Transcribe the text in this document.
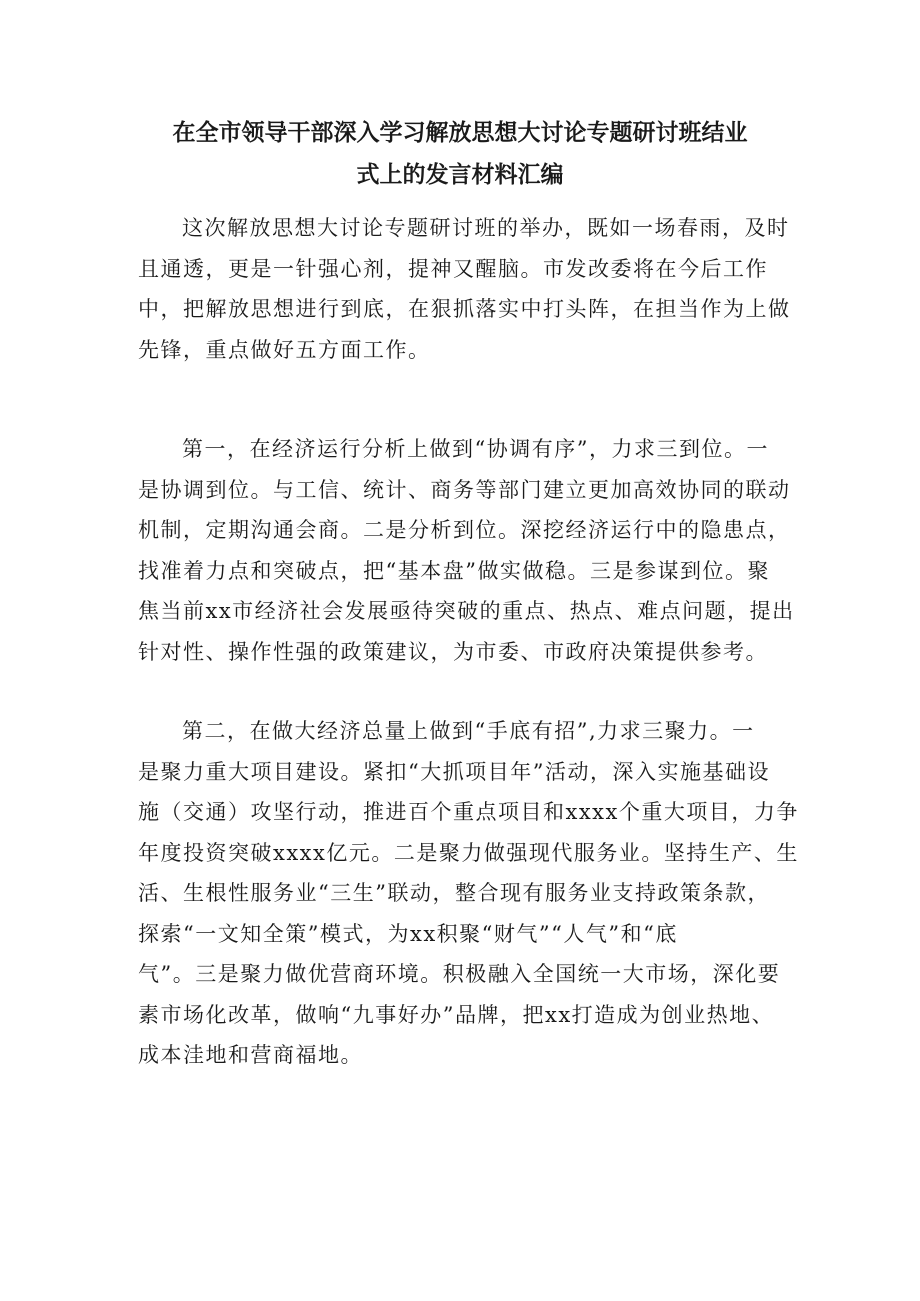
在全市领导干部深入学习解放思想大讨论专题研讨班结业
式上的发言材料汇编
这次解放思想大讨论专题研讨班的举办，既如一场春雨，及时
且通透，更是一针强心剂，提神又醒脑。市发改委将在今后工作
中，把解放思想进行到底，在狠抓落实中打头阵，在担当作为上做
先锋，重点做好五方面工作。
第一，在经济运行分析上做到“协调有序”，力求三到位。一
是协调到位。与工信、统计、商务等部门建立更加高效协同的联动
机制，定期沟通会商。二是分析到位。深挖经济运行中的隐患点，
找准着力点和突破点，把“基本盘”做实做稳。三是参谋到位。聚
焦当前xx市经济社会发展亟待突破的重点、热点、难点问题，提出
针对性、操作性强的政策建议，为市委、市政府决策提供参考。
第二，在做大经济总量上做到“手底有招”,力求三聚力。一
是聚力重大项目建设。紧扣“大抓项目年”活动，深入实施基础设
施（交通）攻坚行动，推进百个重点项目和xxxx个重大项目，力争
年度投资突破xxxx亿元。二是聚力做强现代服务业。坚持生产、生
活、生根性服务业“三生”联动，整合现有服务业支持政策条款，
探索“一文知全策”模式，为xx积聚“财气”“人气”和“底
气”。三是聚力做优营商环境。积极融入全国统一大市场，深化要
素市场化改革，做响“九事好办”品牌，把xx打造成为创业热地、
成本洼地和营商福地。
